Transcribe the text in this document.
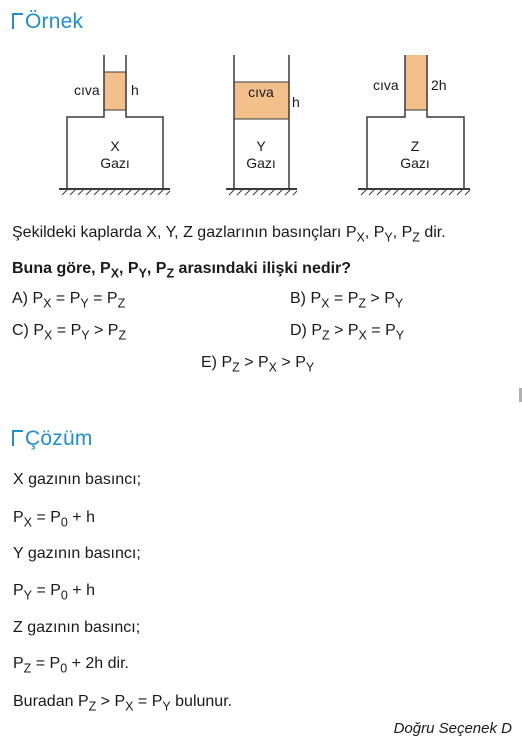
Örnek
cıva h
X
Gazı
cıva
h
Y
Gazı
cıva 2h
Z
Gazı
Şekildeki kaplarda X, Y, Z gazlarının basınçları $P_X$, $P_Y$, $P_Z$ dir.
Buna göre, $P_X$, $P_Y$, $P_Z$ arasındaki ilişki nedir?
A) $P_X = P_Y = P_Z$	B) $P_X = P_Z > P_Y$
C) $P_X = P_Y > P_Z$	D) $P_Z > P_X = P_Y$
E) $P_Z > P_X > P_Y$
Çözüm
X gazının basıncı;
$P_X = P_0 + h$
Y gazının basıncı;
$P_Y = P_0 + h$
Z gazının basıncı;
$P_Z = P_0 + 2h$ dir.
Buradan $P_Z > P_X = P_Y$ bulunur.
Doğru Seçenek D
